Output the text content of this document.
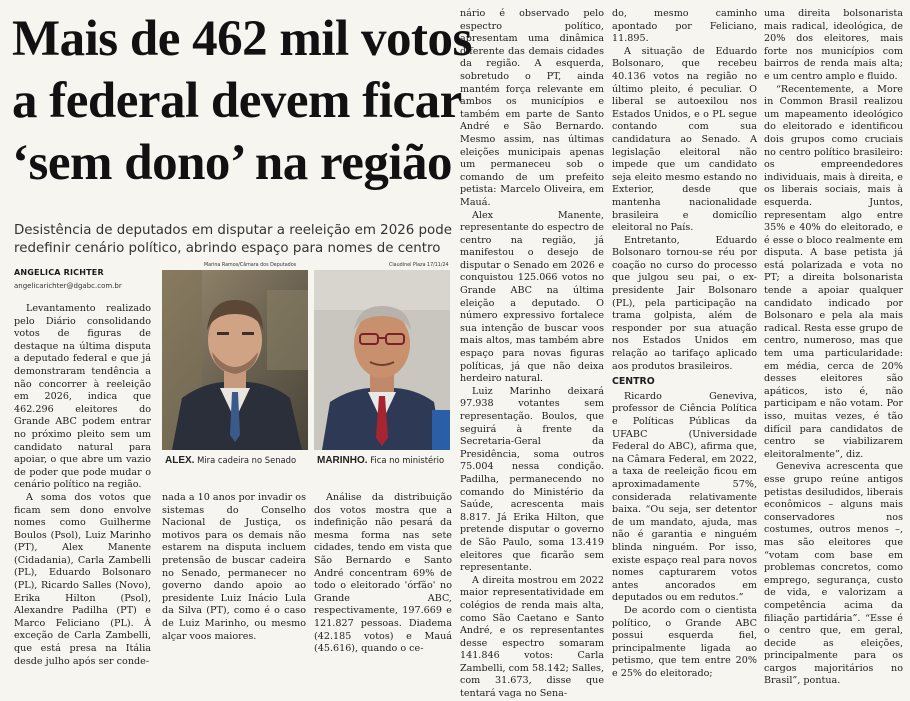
Mais de 462 mil votos
a federal devem ficar
‘sem dono’ na região
Desistência de deputados em disputar a reeleição em 2026 pode redefinir cenário político, abrindo espaço para nomes de centro
ANGELICA RICHTER
angelicarichter@dgabc.com.br

Levantamento realizado pelo Diário consolidando votos de figuras de destaque na última disputa a deputado federal e que já demonstraram tendência a não concorrer à reeleição em 2026, indica que 462.296 eleitores do Grande ABC podem entrar no próximo pleito sem um candidato natural para apoiar, o que abre um vazio de poder que pode mudar o cenário político na região.

A soma dos votos que ficam sem dono envolve nomes como Guilherme Boulos (Psol), Luiz Marinho (PT), Alex Manente (Cidadania), Carla Zambelli (PL), Eduardo Bolsonaro (PL), Ricardo Salles (Novo), Erika Hilton (Psol), Alexandre Padilha (PT) e Marco Feliciano (PL). À exceção de Carla Zambelli, que está presa na Itália desde julho após ser conde-

Marina Ramos/Câmara dos Deputados
ALEX. Mira cadeira no Senado
Claudinei Plaza 17/11/24
MARINHO. Fica no ministério

nada a 10 anos por invadir os sistemas do Conselho Nacional de Justiça, os motivos para os demais não estarem na disputa incluem pretensão de buscar cadeira no Senado, permanecer no governo dando apoio ao presidente Luiz Inácio Lula da Silva (PT), como é o caso de Luiz Marinho, ou mesmo alçar voos maiores.

Análise da distribuição dos votos mostra que a indefinição não pesará da mesma forma nas sete cidades, tendo em vista que São Bernardo e Santo André concentram 69% de todo o eleitorado 'órfão' no Grande ABC, respectivamente, 197.669 e 121.827 pessoas. Diadema (42.185 votos) e Mauá (45.616), quando o ce-

nário é observado pelo espectro político, apresentam uma dinâmica diferente das demais cidades da região. A esquerda, sobretudo o PT, ainda mantém força relevante em ambos os municípios e também em parte de Santo André e São Bernardo. Mesmo assim, nas últimas eleições municipais apenas um permaneceu sob o comando de um prefeito petista: Marcelo Oliveira, em Mauá.

Alex Manente, representante do espectro de centro na região, já manifestou o desejo de disputar o Senado em 2026 e conquistou 125.066 votos no Grande ABC na última eleição a deputado. O número expressivo fortalece sua intenção de buscar voos mais altos, mas também abre espaço para novas figuras políticas, já que não deixa herdeiro natural.

Luiz Marinho deixará 97.938 votantes sem representação. Boulos, que seguirá à frente da Secretaria-Geral da Presidência, soma outros 75.004 nessa condição. Padilha, permanecendo no comando do Ministério da Saúde, acrescenta mais 8.817. Já Erika Hilton, que pretende disputar o governo de São Paulo, soma 13.419 eleitores que ficarão sem representante.

A direita mostrou em 2022 maior representatividade em colégios de renda mais alta, como São Caetano e Santo André, e os representantes desse espectro somaram 141.846 votos: Carla Zambelli, com 58.142; Salles, com 31.673, disse que tentará vaga no Sena-

do, mesmo caminho apontado por Feliciano, 11.895.

A situação de Eduardo Bolsonaro, que recebeu 40.136 votos na região no último pleito, é peculiar. O liberal se autoexilou nos Estados Unidos, e o PL segue contando com sua candidatura ao Senado. A legislação eleitoral não impede que um candidato seja eleito mesmo estando no Exterior, desde que mantenha nacionalidade brasileira e domicílio eleitoral no País.

Entretanto, Eduardo Bolsonaro tornou-se réu por coação no curso do processo que julgou seu pai, o ex-presidente Jair Bolsonaro (PL), pela participação na trama golpista, além de responder por sua atuação nos Estados Unidos em relação ao tarifaço aplicado aos produtos brasileiros.

CENTRO

Ricardo Geneviva, professor de Ciência Política e Políticas Públicas da UFABC (Universidade Federal do ABC), afirma que, na Câmara Federal, em 2022, a taxa de reeleição ficou em aproximadamente 57%, considerada relativamente baixa. “Ou seja, ser detentor de um mandato, ajuda, mas não é garantia e ninguém blinda ninguém. Por isso, existe espaço real para novos nomes capturarem votos antes ancorados em deputados ou em redutos.”

De acordo com o cientista político, o Grande ABC possui esquerda fiel, principalmente ligada ao petismo, que tem entre 20% e 25% do eleitorado;

uma direita bolsonarista mais radical, ideológica, de 20% dos eleitores, mais forte nos municípios com bairros de renda mais alta; e um centro amplo e fluido.

“Recentemente, a More in Common Brasil realizou um mapeamento ideológico do eleitorado e identificou dois grupos como cruciais no centro político brasileiro: os empreendedores individuais, mais à direita, e os liberais sociais, mais à esquerda. Juntos, representam algo entre 35% e 40% do eleitorado, e é esse o bloco realmente em disputa. A base petista já está polarizada e vota no PT; a direita bolsonarista tende a apoiar qualquer candidato indicado por Bolsonaro e pela ala mais radical. Resta esse grupo de centro, numeroso, mas que tem uma particularidade: em média, cerca de 20% desses eleitores são apáticos, isto é, não participam e não votam. Por isso, muitas vezes, é tão difícil para candidatos de centro se viabilizarem eleitoralmente”, diz.

Geneviva acrescenta que esse grupo reúne antigos petistas desiludidos, liberais econômicos – alguns mais conservadores nos costumes, outros menos –, mas são eleitores que “votam com base em problemas concretos, como emprego, segurança, custo de vida, e valorizam a competência acima da filiação partidária”. “Esse é o centro que, em geral, decide as eleições, principalmente para os cargos majoritários no Brasil”, pontua.
